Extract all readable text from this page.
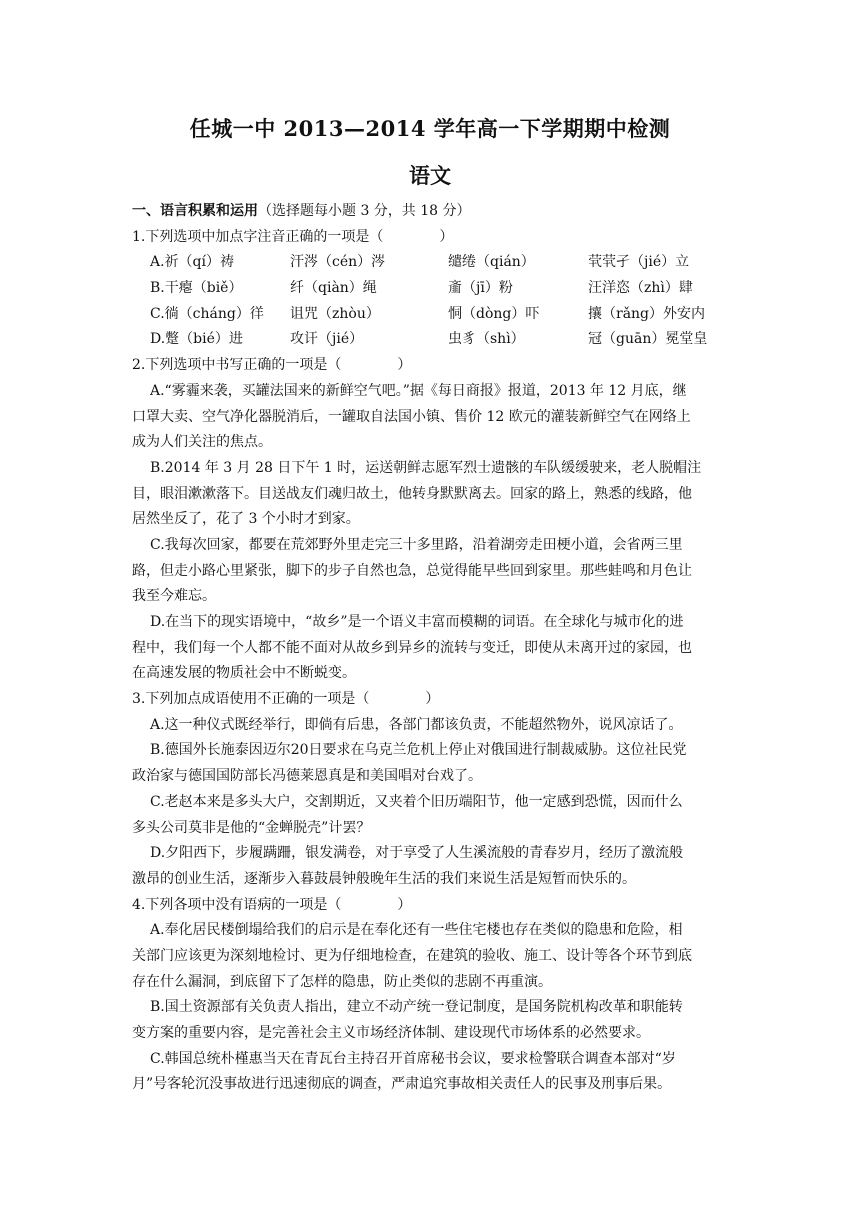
任城一中 2013—2014 学年高一下学期期中检测
语文
一、语言积累和运用（选择题每小题 3 分，共 18 分）
1.下列选项中加点字注音正确的一项是（　　　　）
A.祈（qí）祷	汗涔（cén）涔	缱绻（qián）	茕茕孑（jié）立
B.干瘪（biě）	纤（qiàn）绳	齑（jī）粉	汪洋恣（zhì）肆
C.徜（cháng）徉	诅咒（zhòu）	恫（dòng）吓	攘（rǎng）外安内
D.蹩（bié）进	攻讦（jié）	虫豸（shì）	冠（guān）冕堂皇
2.下列选项中书写正确的一项是（　　　　）
A.“雾霾来袭，买罐法国来的新鲜空气吧。”据《每日商报》报道，2013 年 12 月底，继
口罩大卖、空气净化器脱消后，一罐取自法国小镇、售价 12 欧元的灌装新鲜空气在网络上
成为人们关注的焦点。
B.2014 年 3 月 28 日下午 1 时，运送朝鲜志愿军烈士遗骸的车队缓缓驶来，老人脱帽注
目，眼泪漱漱落下。目送战友们魂归故土，他转身默默离去。回家的路上，熟悉的线路，他
居然坐反了，花了 3 个小时才到家。
C.我每次回家，都要在荒郊野外里走完三十多里路，沿着湖旁走田梗小道，会省两三里
路，但走小路心里紧张，脚下的步子自然也急，总觉得能早些回到家里。那些蛙鸣和月色让
我至今难忘。
D.在当下的现实语境中，“故乡”是一个语义丰富而模糊的词语。在全球化与城市化的进
程中，我们每一个人都不能不面对从故乡到异乡的流转与变迁，即使从未离开过的家园，也
在高速发展的物质社会中不断蜕变。
3.下列加点成语使用不正确的一项是（　　　　）
A.这一种仪式既经举行，即倘有后患，各部门都该负责，不能超然物外，说风凉话了。
B.德国外长施泰因迈尔20日要求在乌克兰危机上停止对俄国进行制裁威胁。这位社民党
政治家与德国国防部长冯德莱恩真是和美国唱对台戏了。
C.老赵本来是多头大户，交割期近，又夹着个旧历端阳节，他一定感到恐慌，因而什么
多头公司莫非是他的“金蝉脱壳”计罢？
D.夕阳西下，步履蹒跚，银发满卷，对于享受了人生溪流般的青春岁月，经历了激流般
激昂的创业生活，逐渐步入暮鼓晨钟般晚年生活的我们来说生活是短暂而快乐的。
4.下列各项中没有语病的一项是（　　　　）
A.奉化居民楼倒塌给我们的启示是在奉化还有一些住宅楼也存在类似的隐患和危险，相
关部门应该更为深刻地检讨、更为仔细地检查，在建筑的验收、施工、设计等各个环节到底
存在什么漏洞，到底留下了怎样的隐患，防止类似的悲剧不再重演。
B.国土资源部有关负责人指出，建立不动产统一登记制度，是国务院机构改革和职能转
变方案的重要内容，是完善社会主义市场经济体制、建设现代市场体系的必然要求。
C.韩国总统朴槿惠当天在青瓦台主持召开首席秘书会议，要求检警联合调查本部对“岁
月”号客轮沉没事故进行迅速彻底的调查，严肃追究事故相关责任人的民事及刑事后果。
